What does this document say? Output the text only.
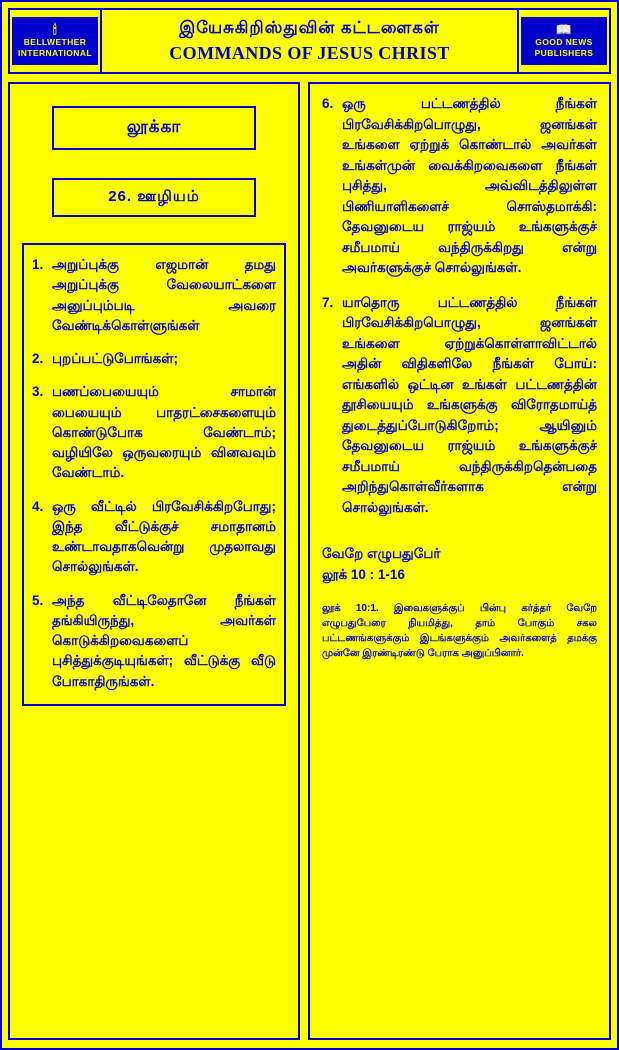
🕯
BELLWETHER
INTERNATIONAL
இயேசுகிறிஸ்துவின் கட்டளைகள்
COMMANDS OF JESUS CHRIST
📖
GOOD NEWS
PUBLISHERS
லூக்கா
26. ஊழியம்
1. அறுப்புக்கு எஜமான் தமது அறுப்புக்கு வேலையாட்களை அனுப்பும்படி அவரை வேண்டிக்கொள்ளுங்கள்
2. புறப்பட்டுபோங்கள்;
3. பணப்பையையும் சாமான் பையையும் பாதரட்சைகளையும் கொண்டுபோக வேண்டாம்; வழியிலே ஒருவரையும் வினவவும் வேண்டாம்.
4. ஒரு வீட்டில் பிரவேசிக்கிறபோது; இந்த வீட்டுக்குச் சமாதானம் உண்டாவதாகவென்று முதலாவது சொல்லுங்கள்.
5. அந்த வீட்டிலேதானே நீங்கள் தங்கியிருந்து, அவர்கள் கொடுக்கிறவைகளைப் புசித்துக்குடியுங்கள்; வீட்டுக்கு வீடு போகாதிருங்கள்.
6. ஒரு பட்டணத்தில் நீங்கள் பிரவேசிக்கிறபொழுது, ஜனங்கள் உங்களை ஏற்றுக் கொண்டால் அவர்கள் உங்கள்முன் வைக்கிறவைகளை நீங்கள் புசித்து, அவ்விடத்திலுள்ள பிணியாளிகளைச் சொஸ்தமாக்கி: தேவனுடைய ராஜ்யம் உங்களுக்குச் சமீபமாய் வந்திருக்கிறது என்று அவர்களுக்குச் சொல்லுங்கள்.
7. யாதொரு பட்டணத்தில் நீங்கள் பிரவேசிக்கிறபொழுது, ஜனங்கள் உங்களை ஏற்றுக்கொள்ளாவிட்டால் அதின் விதிகளிலே நீங்கள் போய்: எங்களில் ஒட்டின உங்கள் பட்டணத்தின் தூசியையும் உங்களுக்கு விரோதமாய்த் துடைத்துப்போடுகிறோம்; ஆயினும் தேவனுடைய ராஜ்யம் உங்களுக்குச் சமீபமாய் வந்திருக்கிறதென்பதை அறிந்துகொள்வீர்களாக என்று சொல்லுங்கள்.
வேறே எழுபதுபேர்
லூக் 10 : 1-16
லூக் 10:1. இவைகளுக்குப் பின்பு கர்த்தர் வேறே எழுபதுபேரை நியமித்து, தாம் போகும் சகல பட்டணங்களுக்கும் இடங்களுக்கும் அவர்களைத் தமக்கு முன்னே இரண்டிரண்டு பேராக அனுப்பினார்.
